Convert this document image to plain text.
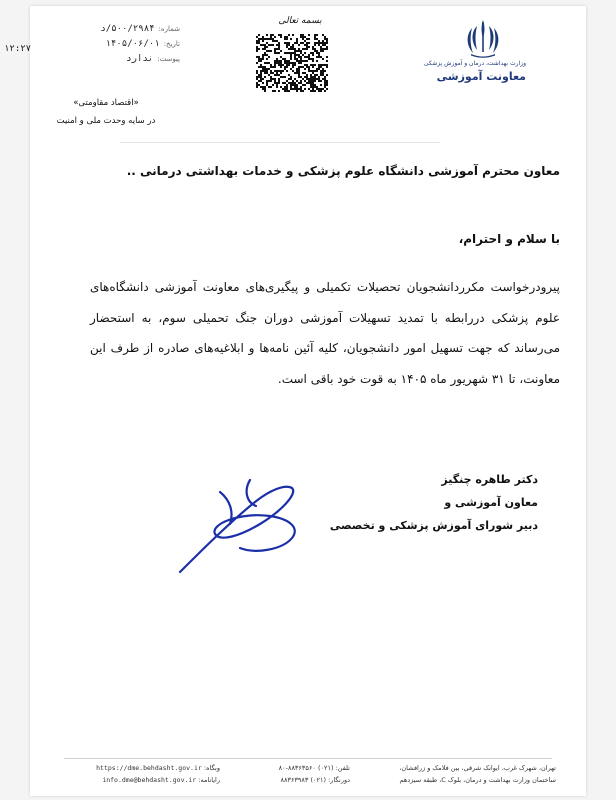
وزارت بهداشت، درمان و آموزش پزشکی
معاونت آموزشی
بسمه تعالی
شماره:
۵۰۰/۲۹۸۴/د
تاریخ:
۱۴۰۵/۰۶/۰۱
پیوست:
ندارد
۱۲:۲۷
«اقتصاد مقاومتی»
در سایه وحدت ملی و امنیت
معاون محترم آموزشی دانشگاه علوم پزشکی و خدمات بهداشتی درمانی ..
با سلام و احترام،
پیرودرخواست مکرردانشجویان تحصیلات تکمیلی و پیگیری‌های معاونت آموزشی دانشگاه‌های علوم پزشکی دررابطه با تمدید تسهیلات آموزشی دوران جنگ تحمیلی سوم، به استحضار می‌رساند که جهت تسهیل امور دانشجویان، کلیه آئین نامه‌ها و ابلاغیه‌های صادره از طرف این معاونت، تا ۳۱ شهریور ماه ۱۴۰۵ به قوت خود باقی است.
دکتر طاهره چنگیز
معاون آموزشی و
دبیر شورای آموزش پزشکی و تخصصی
تهران، شهرک غرب، ایوانک شرقی، بین فلامک و زرافشان،
ساختمان وزارت بهداشت و درمان، بلوک C، طبقه سیزدهم
تلفن: (۰۲۱) ۸۸۳۶۳۵۶۰-۸۰
دورنگار: (۰۲۱) ۸۸۳۶۳۹۸۳
وبگاه: https://dme.behdasht.gov.ir
رایانامه: info.dme@behdasht.gov.ir
